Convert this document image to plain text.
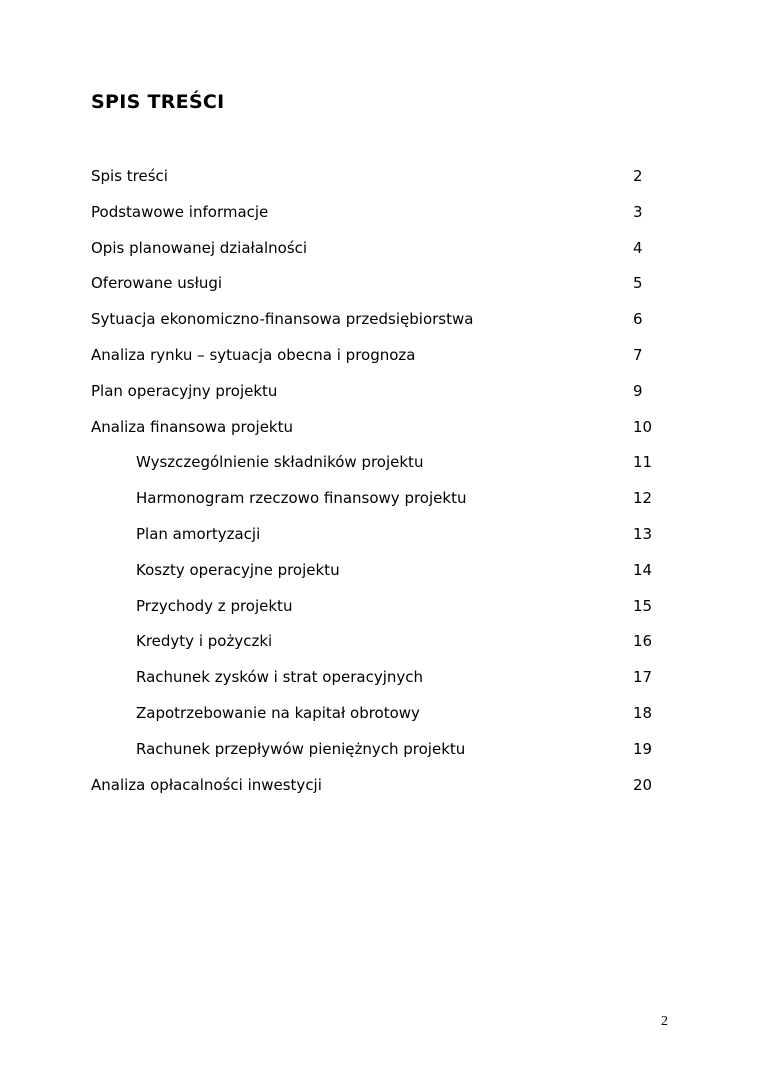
SPIS TREŚCI
Spis treści	2
Podstawowe informacje	3
Opis planowanej działalności	4
Oferowane usługi	5
Sytuacja ekonomiczno-finansowa przedsiębiorstwa	6
Analiza rynku – sytuacja obecna i prognoza	7
Plan operacyjny projektu	9
Analiza finansowa projektu	10
Wyszczególnienie składników projektu	11
Harmonogram rzeczowo finansowy projektu	12
Plan amortyzacji	13
Koszty operacyjne projektu	14
Przychody z projektu	15
Kredyty i pożyczki	16
Rachunek zysków i strat operacyjnych	17
Zapotrzebowanie na kapitał obrotowy	18
Rachunek przepływów pieniężnych projektu	19
Analiza opłacalności inwestycji	20
2
